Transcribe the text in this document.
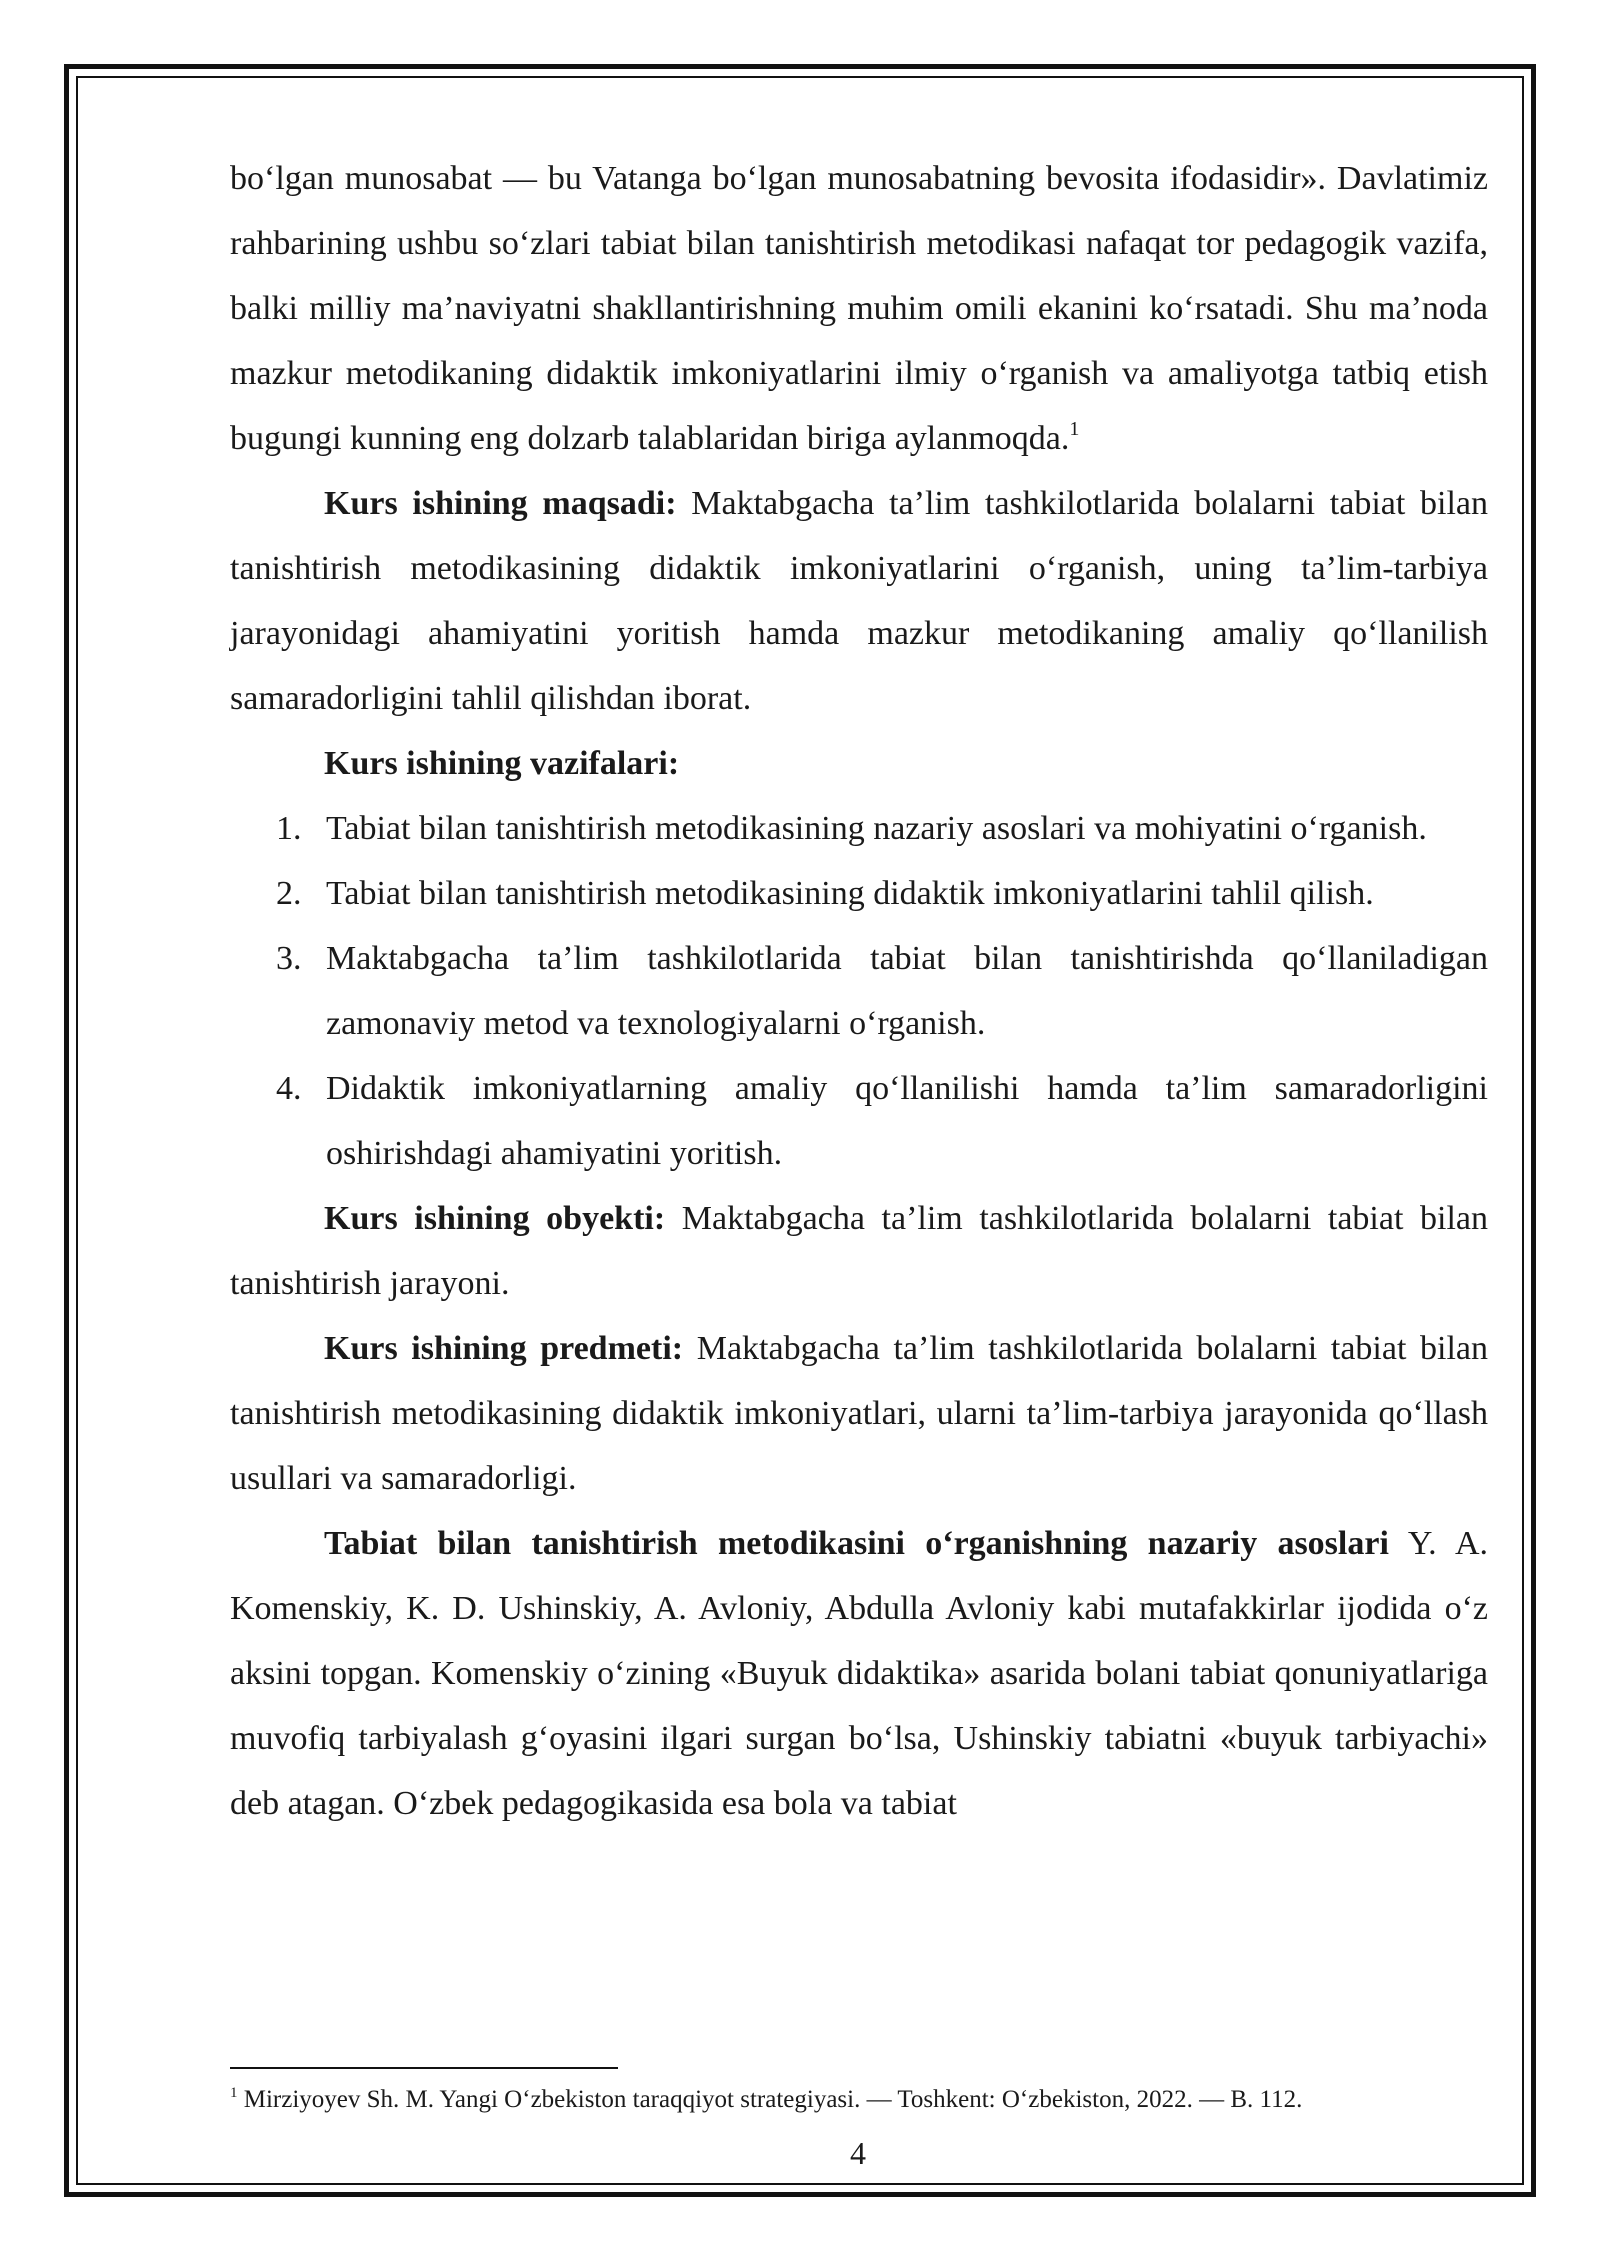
bo‘lgan munosabat — bu Vatanga bo‘lgan munosabatning bevosita ifodasidir». Davlatimiz rahbarining ushbu so‘zlari tabiat bilan tanishtirish metodikasi nafaqat tor pedagogik vazifa, balki milliy ma’naviyatni shakllantirishning muhim omili ekanini ko‘rsatadi. Shu ma’noda mazkur metodikaning didaktik imkoniyatlarini ilmiy o‘rganish va amaliyotga tatbiq etish bugungi kunning eng dolzarb talablaridan biriga aylanmoqda.$^1$

Kurs ishining maqsadi: Maktabgacha ta’lim tashkilotlarida bolalarni tabiat bilan tanishtirish metodikasining didaktik imkoniyatlarini o‘rganish, uning ta’lim-tarbiya jarayonidagi ahamiyatini yoritish hamda mazkur metodikaning amaliy qo‘llanilish samaradorligini tahlil qilishdan iborat.

Kurs ishining vazifalari:

1. Tabiat bilan tanishtirish metodikasining nazariy asoslari va mohiyatini o‘rganish.
2. Tabiat bilan tanishtirish metodikasining didaktik imkoniyatlarini tahlil qilish.
3. Maktabgacha ta’lim tashkilotlarida tabiat bilan tanishtirishda qo‘llaniladigan zamonaviy metod va texnologiyalarni o‘rganish.
4. Didaktik imkoniyatlarning amaliy qo‘llanilishi hamda ta’lim samaradorligini oshirishdagi ahamiyatini yoritish.

Kurs ishining obyekti: Maktabgacha ta’lim tashkilotlarida bolalarni tabiat bilan tanishtirish jarayoni.

Kurs ishining predmeti: Maktabgacha ta’lim tashkilotlarida bolalarni tabiat bilan tanishtirish metodikasining didaktik imkoniyatlari, ularni ta’lim-tarbiya jarayonida qo‘llash usullari va samaradorligi.

Tabiat bilan tanishtirish metodikasini o‘rganishning nazariy asoslari Y. A. Komenskiy, K. D. Ushinskiy, A. Avloniy, Abdulla Avloniy kabi mutafakkirlar ijodida o‘z aksini topgan. Komenskiy o‘zining «Buyuk didaktika» asarida bolani tabiat qonuniyatlariga muvofiq tarbiyalash g‘oyasini ilgari surgan bo‘lsa, Ushinskiy tabiatni «buyuk tarbiyachi» deb atagan. O‘zbek pedagogikasida esa bola va tabiat

$^1$ Mirziyoyev Sh. M. Yangi O‘zbekiston taraqqiyot strategiyasi. — Toshkent: O‘zbekiston, 2022. — B. 112.
4
